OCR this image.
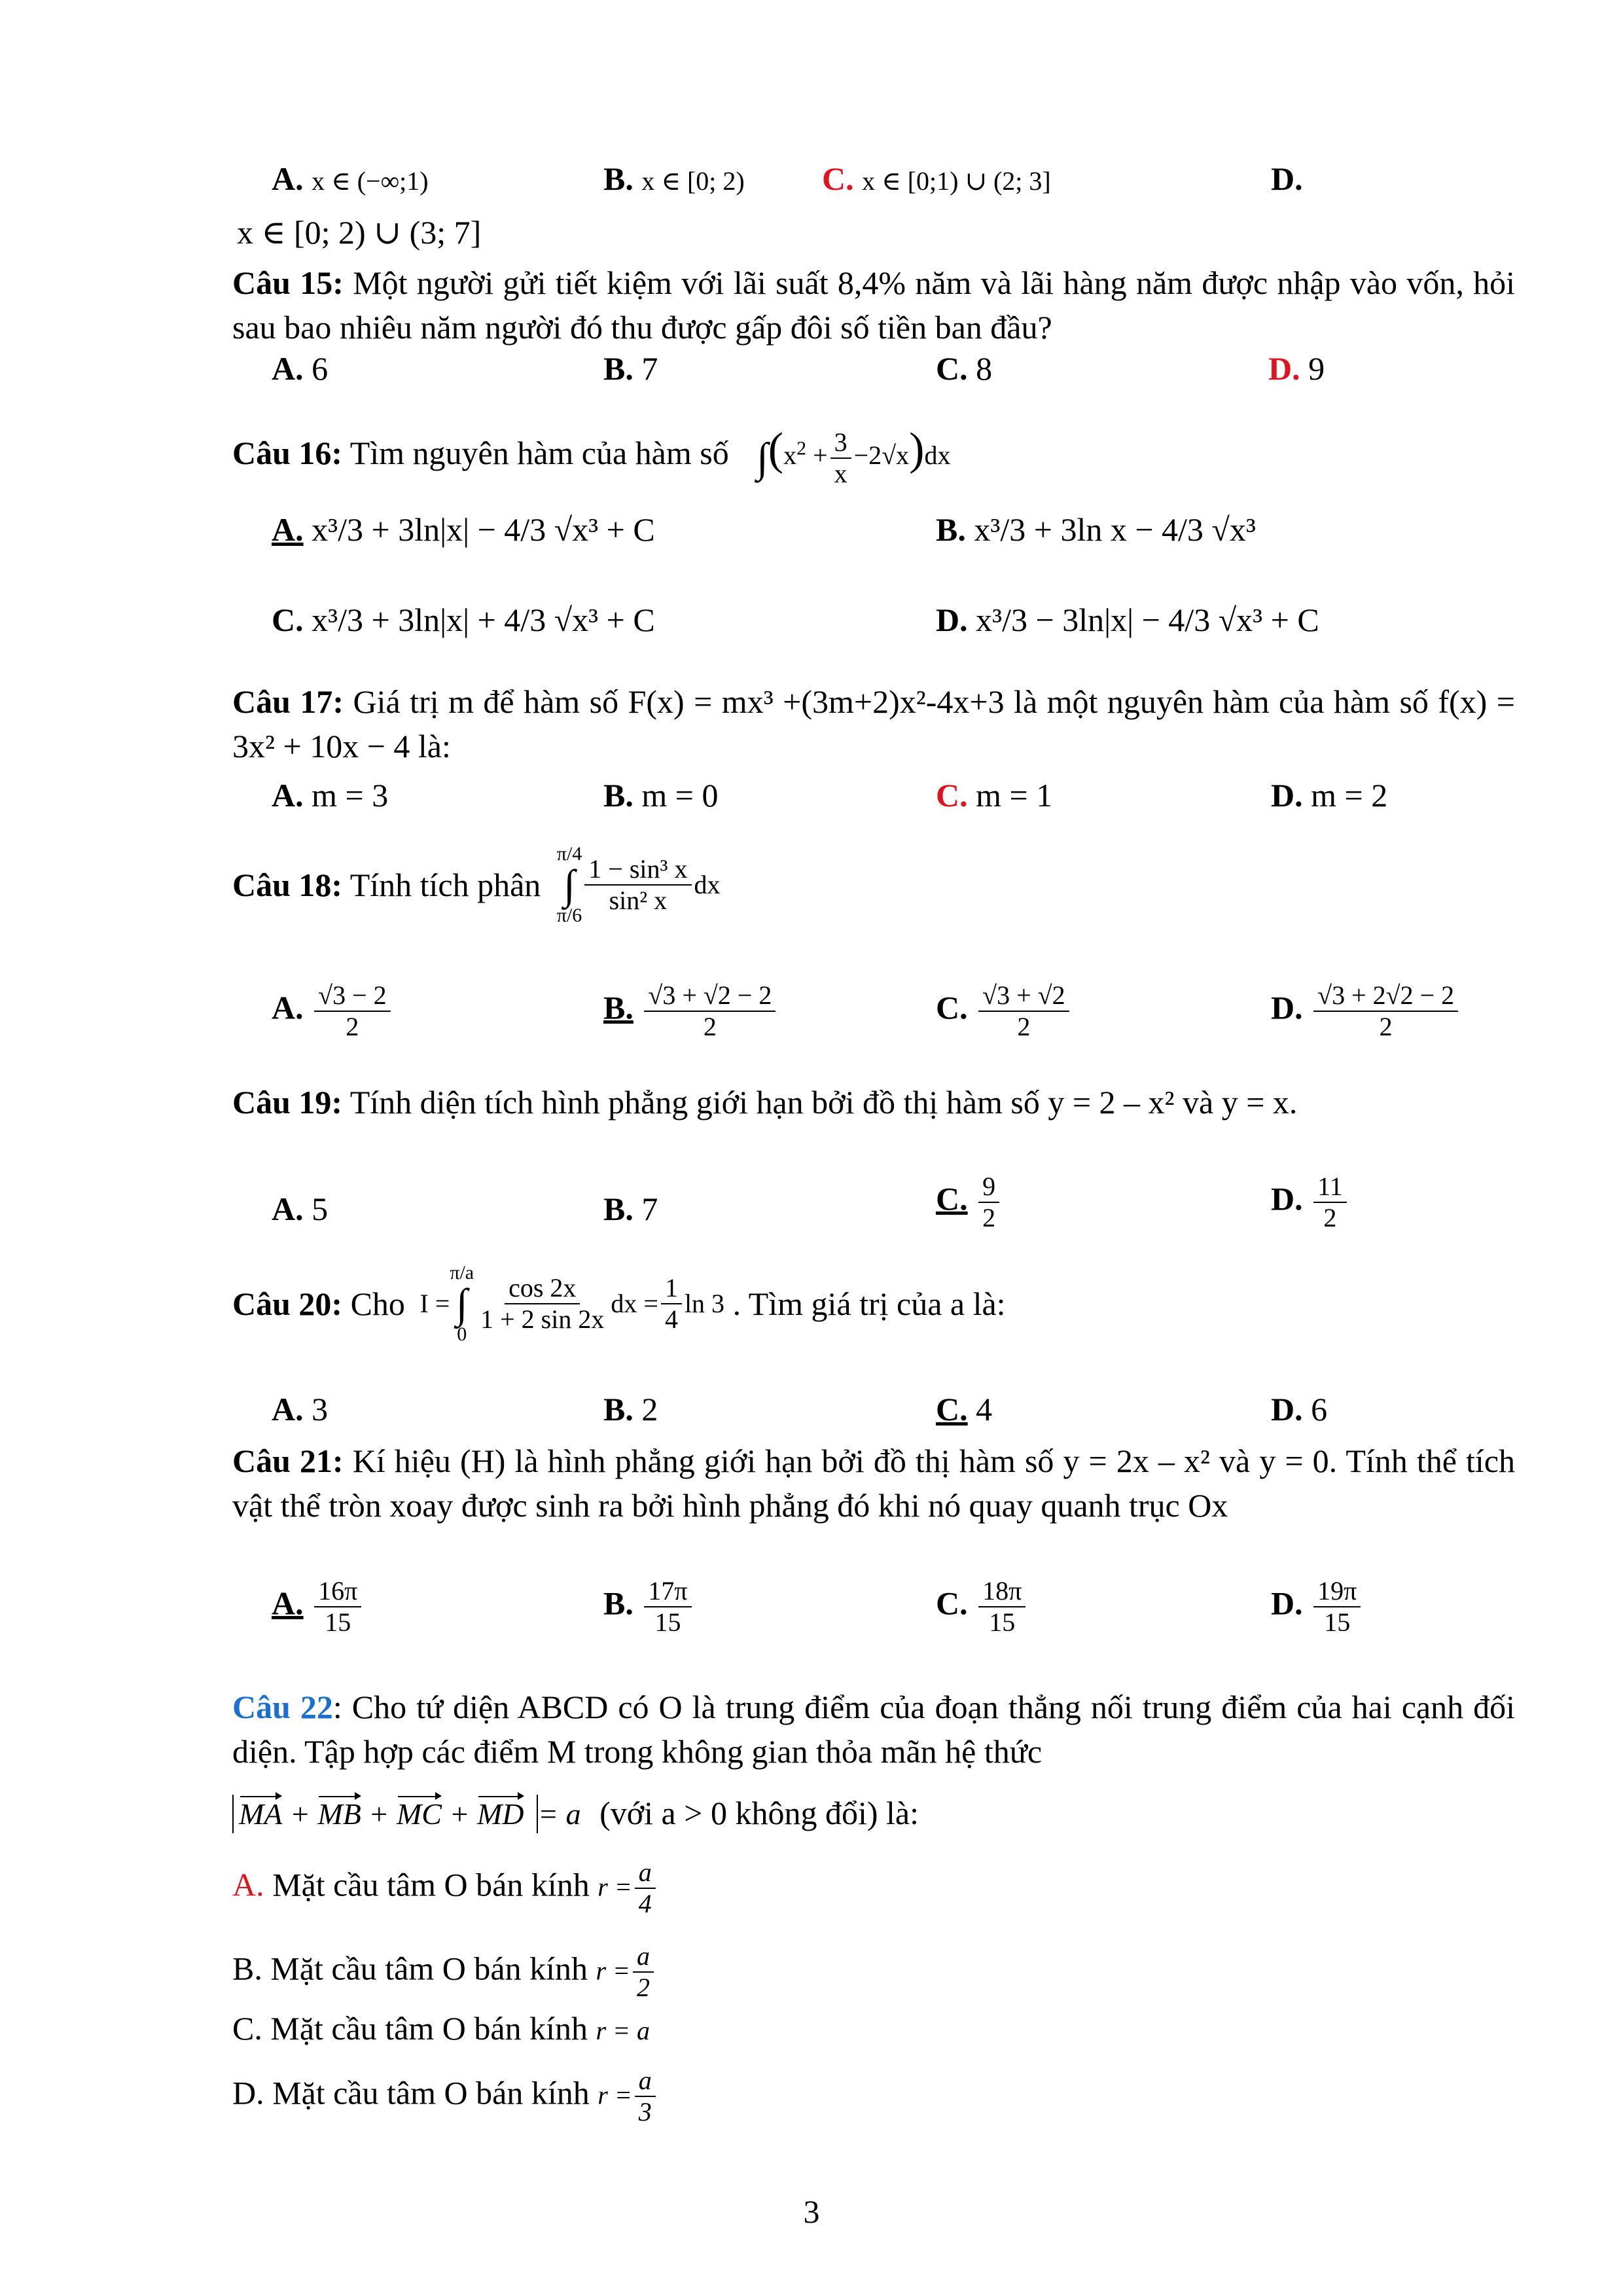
A. x ∈ (−∞;1)	B. x ∈ [0; 2) C. x ∈ [0;1) ∪ (2; 3]	D.
x ∈ [0; 2) ∪ (3; 7]
Câu 15: Một người gửi tiết kiệm với lãi suất 8,4% năm và lãi hàng năm được nhập vào vốn, hỏi sau bao nhiêu năm người đó thu được gấp đôi số tiền ban đầu?
A. 6	B. 7	C. 8	D. 9
Câu 16: Tìm nguyên hàm của hàm số $\int(x^2 + \frac{3}{x} -2√x)dx$
A. x³/3 + 3ln|x| − 4/3 √x³ + C	B. x³/3 + 3ln x − 4/3 √x³
C. x³/3 + 3ln|x| + 4/3 √x³ + C	D. x³/3 − 3ln|x| − 4/3 √x³ + C
Câu 17: Giá trị m để hàm số F(x) = mx³ +(3m+2)x²-4x+3 là một nguyên hàm của hàm số f(x) = 3x² + 10x − 4 là:
A. m = 3	B. m = 0	C. m = 1	D. m = 2
Câu 18: Tính tích phân
π/4
∫
π/6
$\frac{\text{1 − sin³ x}}{\text{sin² x}}$ dx
A. $\frac{√3 - 2}{2}$	B. $\frac{√3 + √2 - 2}{2}$	C. $\frac{√3 + √2}{2}$	D. $\frac{√3 + 2√2 - 2}{2}$
Câu 19: Tính diện tích hình phẳng giới hạn bởi đồ thị hàm số y = 2 – x² và y = x.
A. 5	B. 7	C. $\frac{9}{2}$	D. $\frac{11}{2}$
Câu 20: Cho I =
π/a
∫
0
$\frac{\cos 2x}{1 + 2 \sin 2x}$ dx = $\frac{1}{4}$ ln 3 . Tìm giá trị của a là:
A. 3	B. 2	C. 4	D. 6
Câu 21: Kí hiệu (H) là hình phẳng giới hạn bởi đồ thị hàm số y = 2x – x² và y = 0. Tính thể tích vật thể tròn xoay được sinh ra bởi hình phẳng đó khi nó quay quanh trục Ox
A. $\frac{16\pi}{15}$	B. $\frac{17\pi}{15}$	C. $\frac{18\pi}{15}$	D. $\frac{19\pi}{15}$
Câu 22: Cho tứ diện ABCD có O là trung điểm của đoạn thẳng nối trung điểm của hai cạnh đối diện. Tập hợp các điểm M trong không gian thỏa mãn hệ thức
MA + MB + MC + MD = a (với a > 0 không đổi) là:
A. Mặt cầu tâm O bán kính $r = \frac{a}{4}$
B. Mặt cầu tâm O bán kính $r = \frac{a}{2}$
C. Mặt cầu tâm O bán kính r = a
D. Mặt cầu tâm O bán kính $r = \frac{a}{3}$
3
